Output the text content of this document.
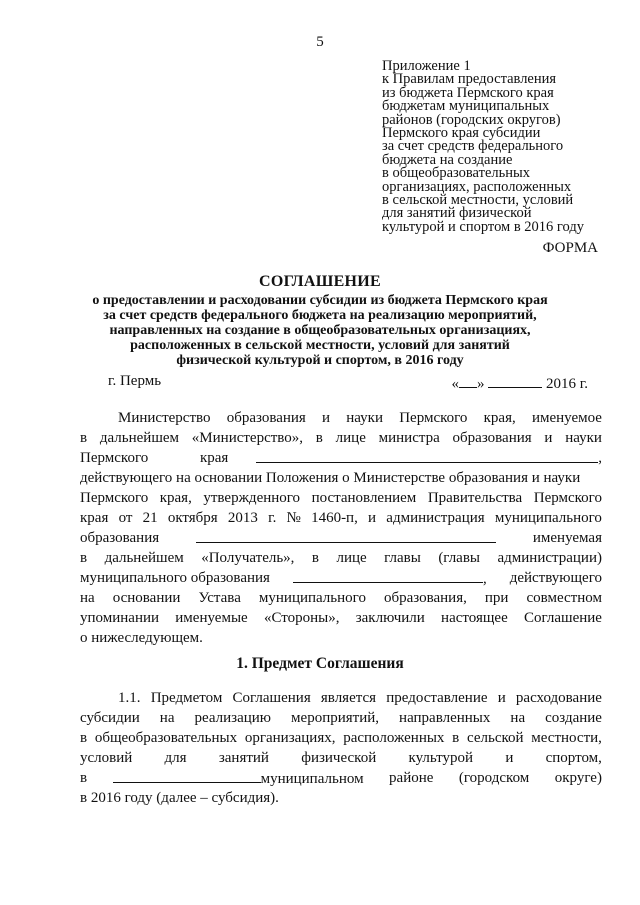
5
Приложение 1
к Правилам предоставления
из бюджета Пермского края
бюджетам муниципальных
районов (городских округов)
Пермского края субсидии
за счет средств федерального
бюджета на создание
в общеобразовательных
организациях, расположенных
в сельской местности, условий
для занятий физической
культурой и спортом в 2016 году
ФОРМА
СОГЛАШЕНИЕ
о предоставлении и расходовании субсидии из бюджета Пермского края
за счет средств федерального бюджета на реализацию мероприятий,
направленных на создание в общеобразовательных организациях,
расположенных в сельской местности, условий для занятий
физической культурой и спортом, в 2016 году
г. Пермь	« »	2016 г.
Министерство образования и науки Пермского края, именуемое
в дальнейшем «Министерство», в лице министра образования и науки
Пермского	края	,
действующего на основании Положения о Министерстве образования и науки
Пермского края, утвержденного постановлением Правительства Пермского
края от 21 октября 2013 г. № 1460-п, и администрация муниципального
образования	именуемая
в дальнейшем «Получатель», в лице главы (главы администрации)
муниципального образования	, действующего
на основании Устава муниципального образования, при совместном
упоминании именуемые «Стороны», заключили настоящее Соглашение
о нижеследующем.
1. Предмет Соглашения
1.1. Предметом Соглашения является предоставление и расходование
субсидии на реализацию мероприятий, направленных на создание
в общеобразовательных организациях, расположенных в сельской местности,
условий для занятий физической культурой и спортом,
в	муниципальном районе (городском округе)
в 2016 году (далее – субсидия).
